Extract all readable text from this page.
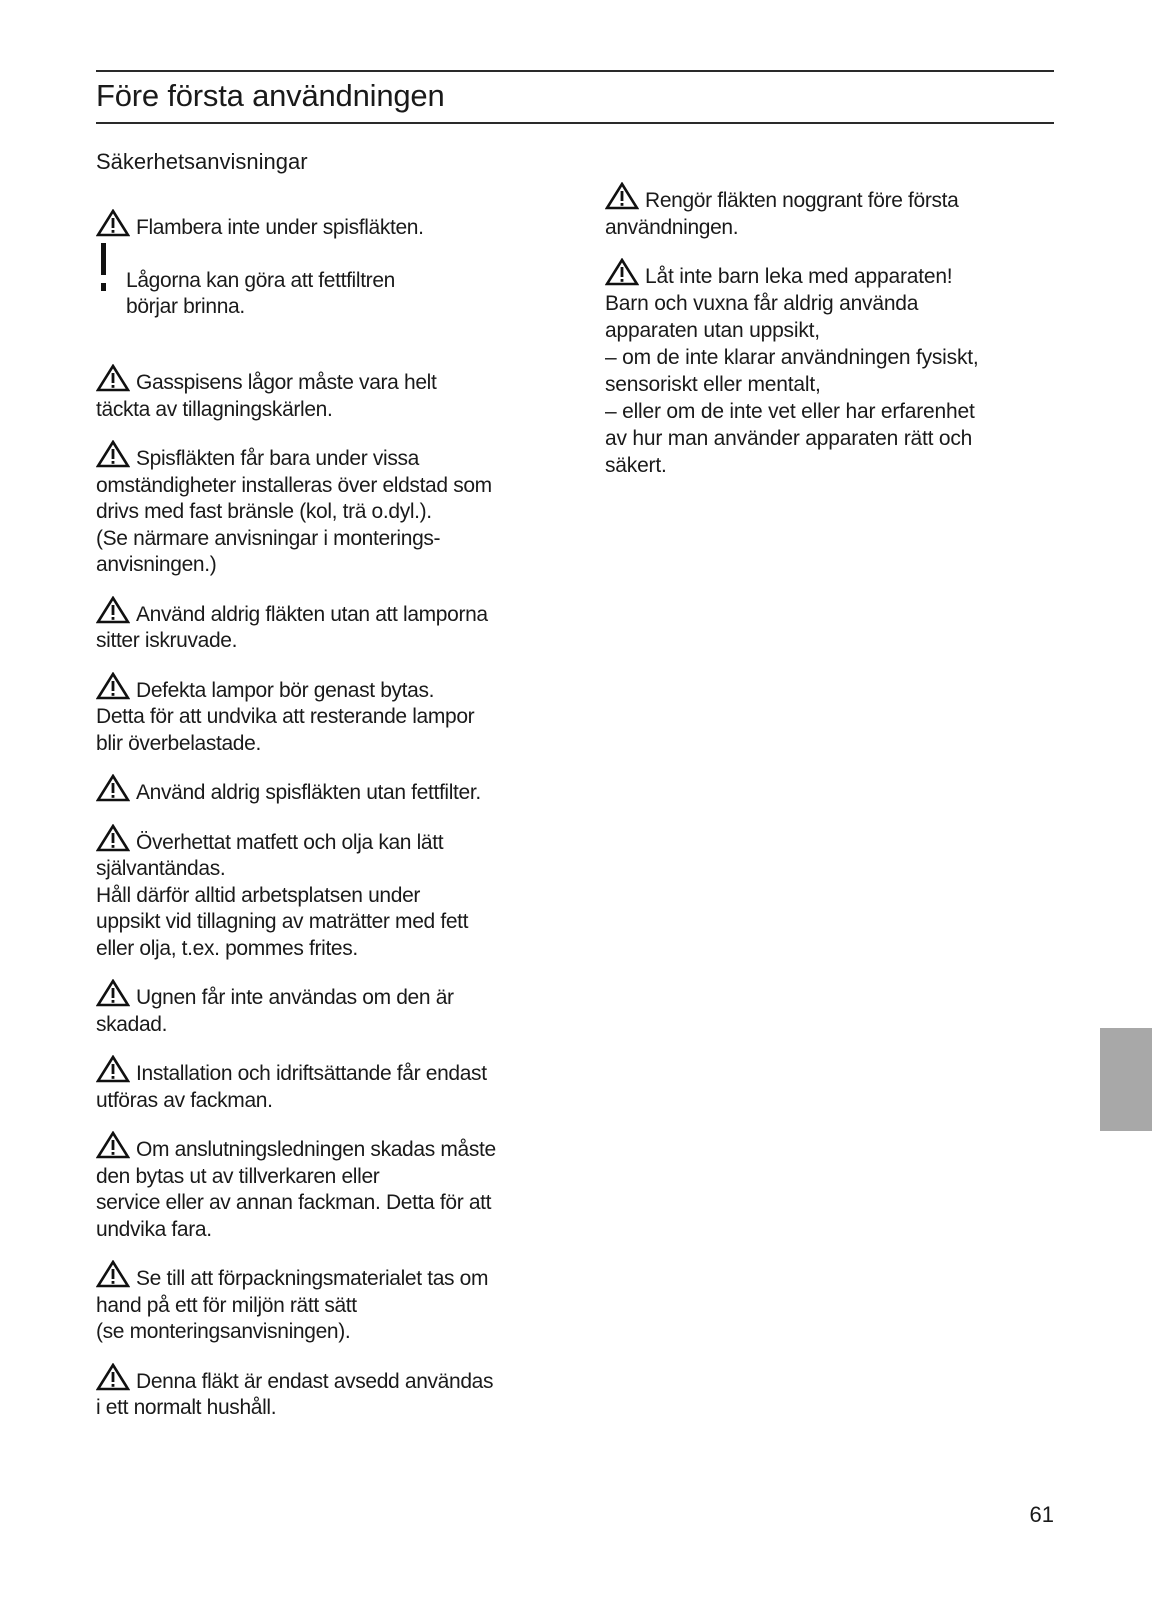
Före första användningen
Säkerhetsanvisningar

Flambera inte under spisfläkten.

Lågorna kan göra att fettfiltren
börjar brinna.

Gasspisens lågor måste vara helt
täckta av tillagningskärlen.

Spisfläkten får bara under vissa
omständigheter installeras över eldstad som
drivs med fast bränsle (kol, trä o.dyl.).
(Se närmare anvisningar i monterings-
anvisningen.)

Använd aldrig fläkten utan att lamporna
sitter iskruvade.

Defekta lampor bör genast bytas.
Detta för att undvika att resterande lampor
blir överbelastade.

Använd aldrig spisfläkten utan fettfilter.

Överhettat matfett och olja kan lätt
självantändas.
Håll därför alltid arbetsplatsen under
uppsikt vid tillagning av maträtter med fett
eller olja, t.ex. pommes frites.

Ugnen får inte användas om den är
skadad.

Installation och idriftsättande får endast
utföras av fackman.

Om anslutningsledningen skadas måste
den bytas ut av tillverkaren eller
service eller av annan fackman. Detta för att
undvika fara.

Se till att förpackningsmaterialet tas om
hand på ett för miljön rätt sätt
(se monteringsanvisningen).

Denna fläkt är endast avsedd användas
i ett normalt hushåll.

Rengör fläkten noggrant före första
användningen.

Låt inte barn leka med apparaten!
Barn och vuxna får aldrig använda
apparaten utan uppsikt,
– om de inte klarar användningen fysiskt,
sensoriskt eller mentalt,
– eller om de inte vet eller har erfarenhet
av hur man använder apparaten rätt och
säkert.

61
